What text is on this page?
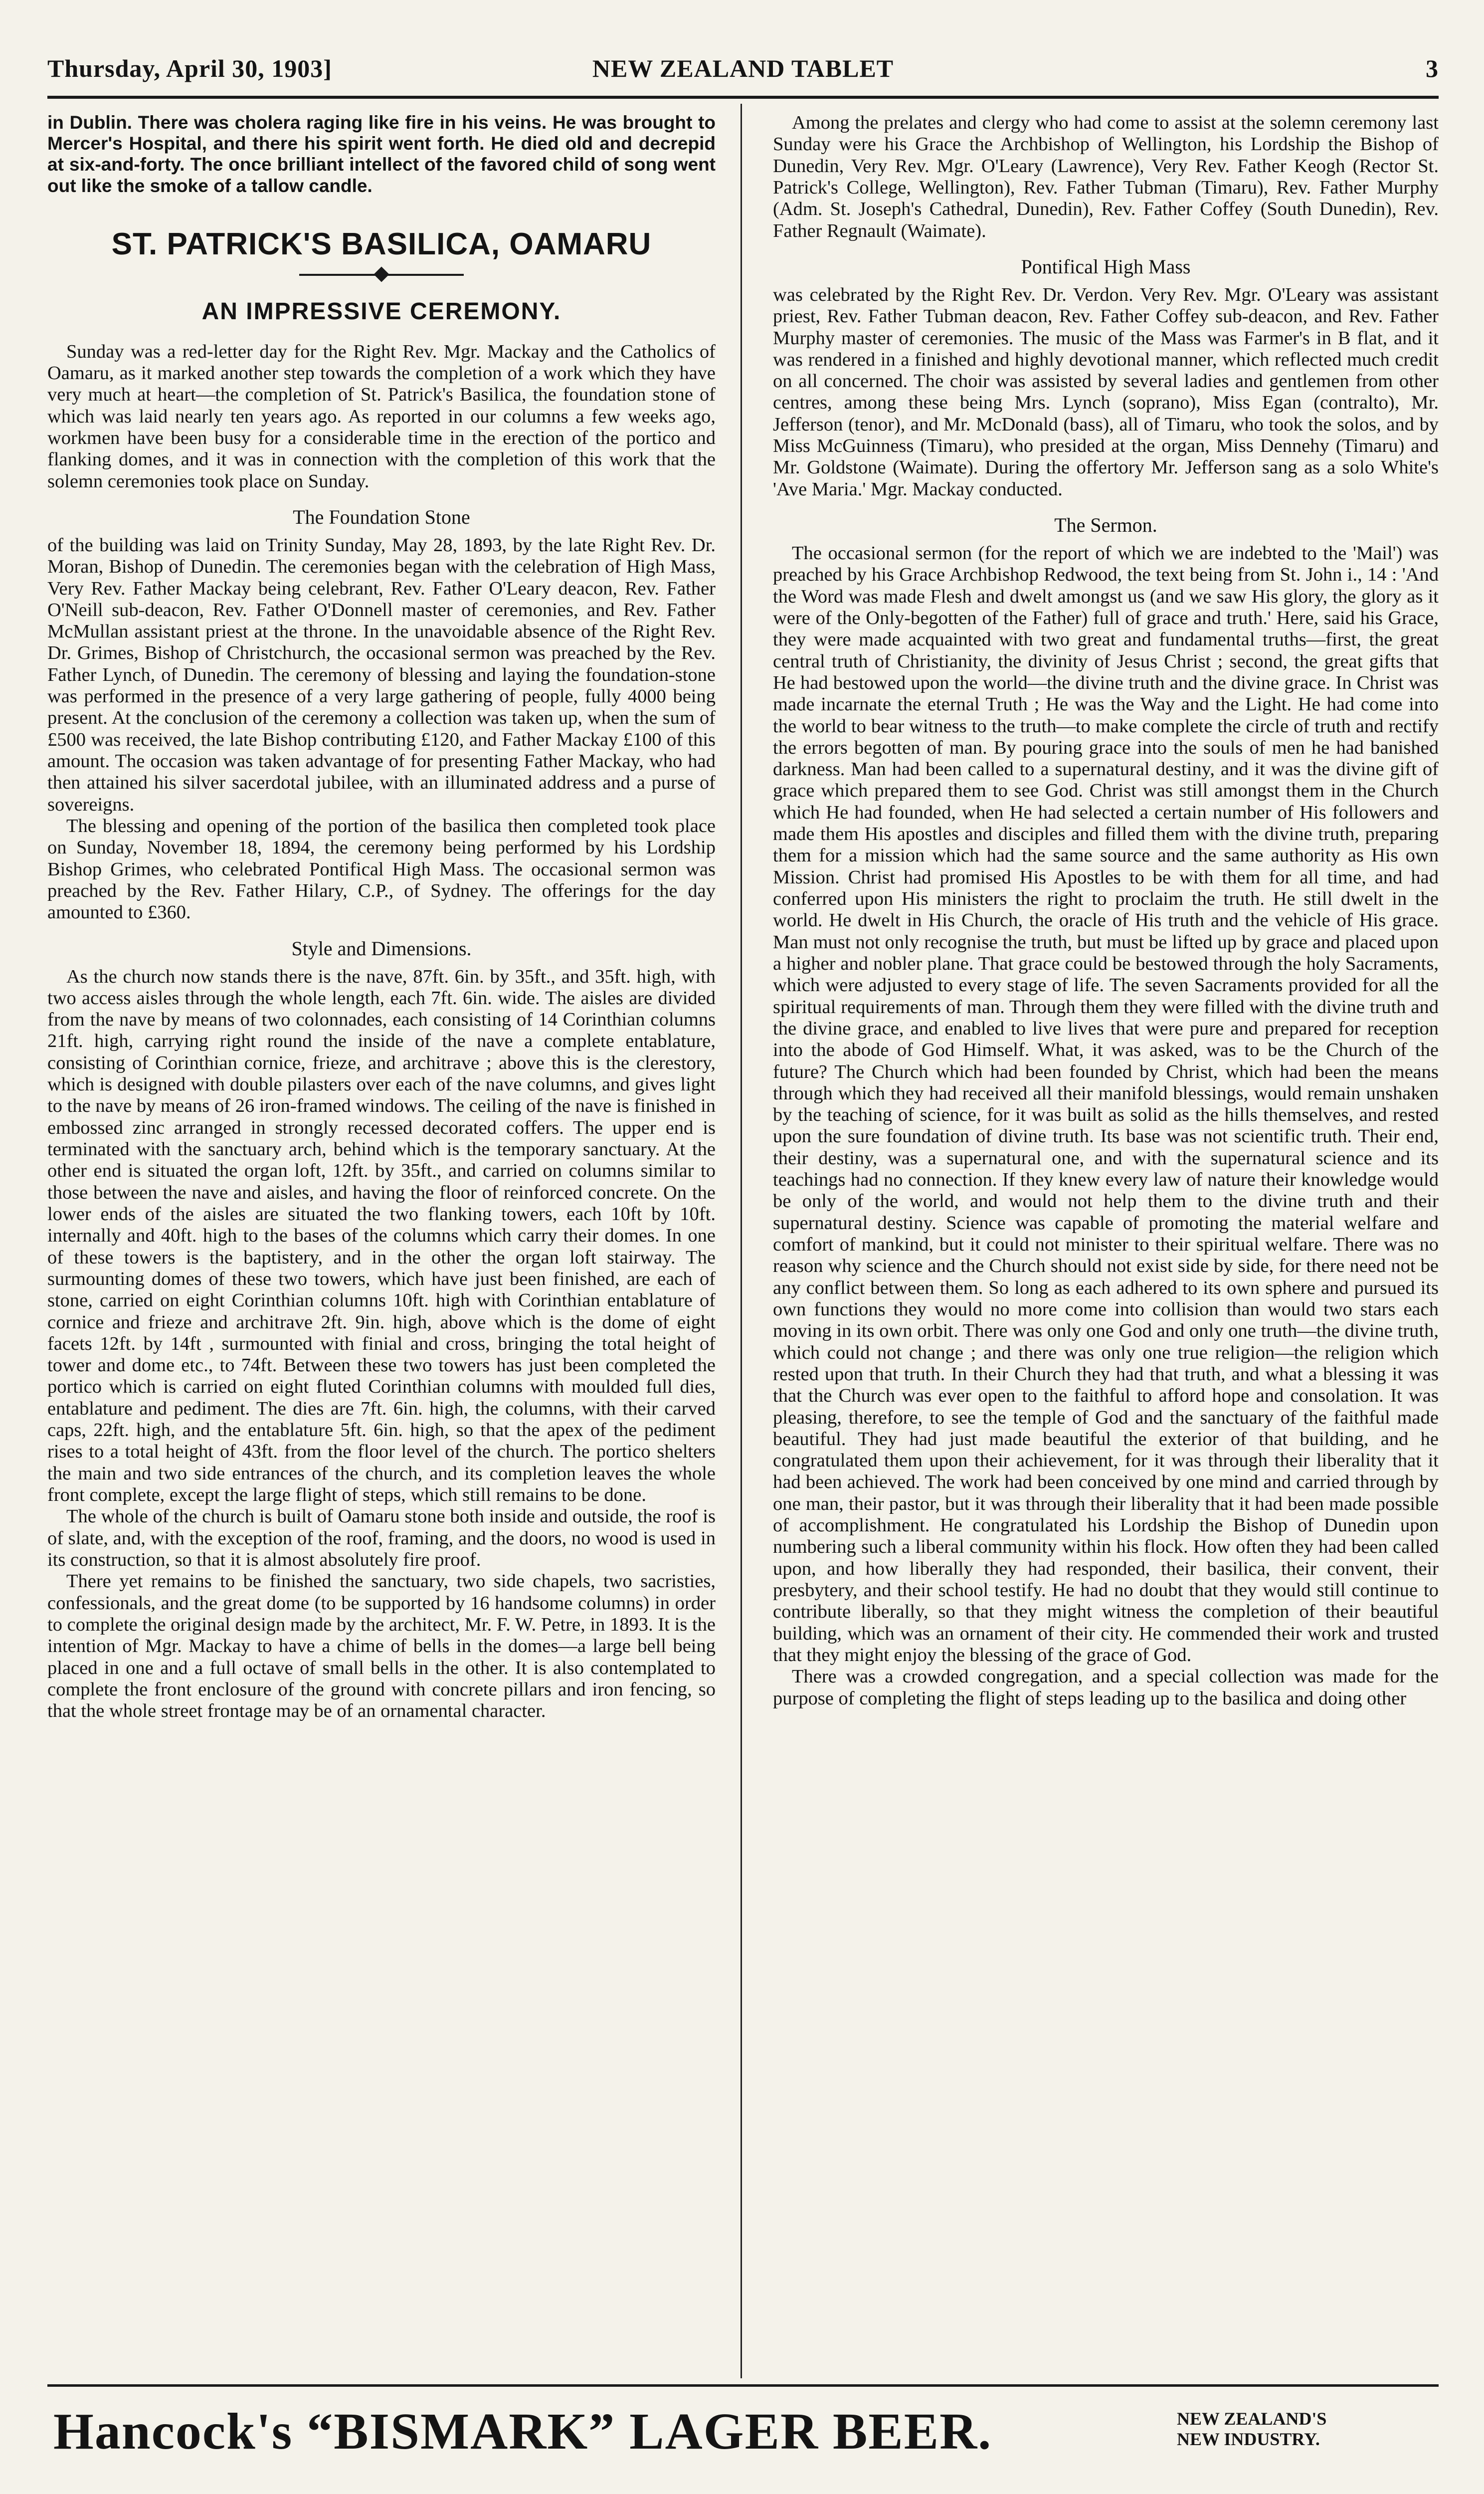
Thursday, April 30, 1903]	NEW ZEALAND TABLET	3

in Dublin. There was cholera raging like fire in his veins. He was brought to Mercer's Hospital, and there his spirit went forth. He died old and decrepid at six-and-forty. The once brilliant intellect of the favored child of song went out like the smoke of a tallow candle.

ST. PATRICK'S BASILICA, OAMARU
AN IMPRESSIVE CEREMONY.

Sunday was a red-letter day for the Right Rev. Mgr. Mackay and the Catholics of Oamaru, as it marked another step towards the completion of a work which they have very much at heart—the completion of St. Patrick's Basilica, the foundation stone of which was laid nearly ten years ago. As reported in our columns a few weeks ago, workmen have been busy for a considerable time in the erection of the portico and flanking domes, and it was in connection with the completion of this work that the solemn ceremonies took place on Sunday.

The Foundation Stone

of the building was laid on Trinity Sunday, May 28, 1893, by the late Right Rev. Dr. Moran, Bishop of Dunedin. The ceremonies began with the celebration of High Mass, Very Rev. Father Mackay being celebrant, Rev. Father O'Leary deacon, Rev. Father O'Neill sub-deacon, Rev. Father O'Donnell master of ceremonies, and Rev. Father McMullan assistant priest at the throne. In the unavoidable absence of the Right Rev. Dr. Grimes, Bishop of Christchurch, the occasional sermon was preached by the Rev. Father Lynch, of Dunedin. The ceremony of blessing and laying the foundation-stone was performed in the presence of a very large gathering of people, fully 4000 being present. At the conclusion of the ceremony a collection was taken up, when the sum of £500 was received, the late Bishop contributing £120, and Father Mackay £100 of this amount. The occasion was taken advantage of for presenting Father Mackay, who had then attained his silver sacerdotal jubilee, with an illuminated address and a purse of sovereigns.

The blessing and opening of the portion of the basilica then completed took place on Sunday, November 18, 1894, the ceremony being performed by his Lordship Bishop Grimes, who celebrated Pontifical High Mass. The occasional sermon was preached by the Rev. Father Hilary, C.P., of Sydney. The offerings for the day amounted to £360.

Style and Dimensions.

As the church now stands there is the nave, 87ft. 6in. by 35ft., and 35ft. high, with two access aisles through the whole length, each 7ft. 6in. wide. The aisles are divided from the nave by means of two colonnades, each consisting of 14 Corinthian columns 21ft. high, carrying right round the inside of the nave a complete entablature, consisting of Corinthian cornice, frieze, and architrave ; above this is the clerestory, which is designed with double pilasters over each of the nave columns, and gives light to the nave by means of 26 iron-framed windows. The ceiling of the nave is finished in embossed zinc arranged in strongly recessed decorated coffers. The upper end is terminated with the sanctuary arch, behind which is the temporary sanctuary. At the other end is situated the organ loft, 12ft. by 35ft., and carried on columns similar to those between the nave and aisles, and having the floor of reinforced concrete. On the lower ends of the aisles are situated the two flanking towers, each 10ft by 10ft. internally and 40ft. high to the bases of the columns which carry their domes. In one of these towers is the baptistery, and in the other the organ loft stairway. The surmounting domes of these two towers, which have just been finished, are each of stone, carried on eight Corinthian columns 10ft. high with Corinthian entablature of cornice and frieze and architrave 2ft. 9in. high, above which is the dome of eight facets 12ft. by 14ft , surmounted with finial and cross, bringing the total height of tower and dome etc., to 74ft. Between these two towers has just been completed the portico which is carried on eight fluted Corinthian columns with moulded full dies, entablature and pediment. The dies are 7ft. 6in. high, the columns, with their carved caps, 22ft. high, and the entablature 5ft. 6in. high, so that the apex of the pediment rises to a total height of 43ft. from the floor level of the church. The portico shelters the main and two side entrances of the church, and its completion leaves the whole front complete, except the large flight of steps, which still remains to be done.

The whole of the church is built of Oamaru stone both inside and outside, the roof is of slate, and, with the exception of the roof, framing, and the doors, no wood is used in its construction, so that it is almost absolutely fire proof.

There yet remains to be finished the sanctuary, two side chapels, two sacristies, confessionals, and the great dome (to be supported by 16 handsome columns) in order to complete the original design made by the architect, Mr. F. W. Petre, in 1893. It is the intention of Mgr. Mackay to have a chime of bells in the domes—a large bell being placed in one and a full octave of small bells in the other. It is also contemplated to complete the front enclosure of the ground with concrete pillars and iron fencing, so that the whole street frontage may be of an ornamental character.

Among the prelates and clergy who had come to assist at the solemn ceremony last Sunday were his Grace the Archbishop of Wellington, his Lordship the Bishop of Dunedin, Very Rev. Mgr. O'Leary (Lawrence), Very Rev. Father Keogh (Rector St. Patrick's College, Wellington), Rev. Father Tubman (Timaru), Rev. Father Murphy (Adm. St. Joseph's Cathedral, Dunedin), Rev. Father Coffey (South Dunedin), Rev. Father Regnault (Waimate).

Pontifical High Mass

was celebrated by the Right Rev. Dr. Verdon. Very Rev. Mgr. O'Leary was assistant priest, Rev. Father Tubman deacon, Rev. Father Coffey sub-deacon, and Rev. Father Murphy master of ceremonies. The music of the Mass was Farmer's in B flat, and it was rendered in a finished and highly devotional manner, which reflected much credit on all concerned. The choir was assisted by several ladies and gentlemen from other centres, among these being Mrs. Lynch (soprano), Miss Egan (contralto), Mr. Jefferson (tenor), and Mr. McDonald (bass), all of Timaru, who took the solos, and by Miss McGuinness (Timaru), who presided at the organ, Miss Dennehy (Timaru) and Mr. Goldstone (Waimate). During the offertory Mr. Jefferson sang as a solo White's 'Ave Maria.' Mgr. Mackay conducted.

The Sermon.

The occasional sermon (for the report of which we are indebted to the 'Mail') was preached by his Grace Archbishop Redwood, the text being from St. John i., 14 : 'And the Word was made Flesh and dwelt amongst us (and we saw His glory, the glory as it were of the Only-begotten of the Father) full of grace and truth.' Here, said his Grace, they were made acquainted with two great and fundamental truths—first, the great central truth of Christianity, the divinity of Jesus Christ ; second, the great gifts that He had bestowed upon the world—the divine truth and the divine grace. In Christ was made incarnate the eternal Truth ; He was the Way and the Light. He had come into the world to bear witness to the truth—to make complete the circle of truth and rectify the errors begotten of man. By pouring grace into the souls of men he had banished darkness. Man had been called to a supernatural destiny, and it was the divine gift of grace which prepared them to see God. Christ was still amongst them in the Church which He had founded, when He had selected a certain number of His followers and made them His apostles and disciples and filled them with the divine truth, preparing them for a mission which had the same source and the same authority as His own Mission. Christ had promised His Apostles to be with them for all time, and had conferred upon His ministers the right to proclaim the truth. He still dwelt in the world. He dwelt in His Church, the oracle of His truth and the vehicle of His grace. Man must not only recognise the truth, but must be lifted up by grace and placed upon a higher and nobler plane. That grace could be bestowed through the holy Sacraments, which were adjusted to every stage of life. The seven Sacraments provided for all the spiritual requirements of man. Through them they were filled with the divine truth and the divine grace, and enabled to live lives that were pure and prepared for reception into the abode of God Himself. What, it was asked, was to be the Church of the future? The Church which had been founded by Christ, which had been the means through which they had received all their manifold blessings, would remain unshaken by the teaching of science, for it was built as solid as the hills themselves, and rested upon the sure foundation of divine truth. Its base was not scientific truth. Their end, their destiny, was a supernatural one, and with the supernatural science and its teachings had no connection. If they knew every law of nature their knowledge would be only of the world, and would not help them to the divine truth and their supernatural destiny. Science was capable of promoting the material welfare and comfort of mankind, but it could not minister to their spiritual welfare. There was no reason why science and the Church should not exist side by side, for there need not be any conflict between them. So long as each adhered to its own sphere and pursued its own functions they would no more come into collision than would two stars each moving in its own orbit. There was only one God and only one truth—the divine truth, which could not change ; and there was only one true religion—the religion which rested upon that truth. In their Church they had that truth, and what a blessing it was that the Church was ever open to the faithful to afford hope and consolation. It was pleasing, therefore, to see the temple of God and the sanctuary of the faithful made beautiful. They had just made beautiful the exterior of that building, and he congratulated them upon their achievement, for it was through their liberality that it had been achieved. The work had been conceived by one mind and carried through by one man, their pastor, but it was through their liberality that it had been made possible of accomplishment. He congratulated his Lordship the Bishop of Dunedin upon numbering such a liberal community within his flock. How often they had been called upon, and how liberally they had responded, their basilica, their convent, their presbytery, and their school testify. He had no doubt that they would still continue to contribute liberally, so that they might witness the completion of their beautiful building, which was an ornament of their city. He commended their work and trusted that they might enjoy the blessing of the grace of God.

There was a crowded congregation, and a special collection was made for the purpose of completing the flight of steps leading up to the basilica and doing other

Hancock's “BISMARK” LAGER BEER.	NEW ZEALAND'S
NEW INDUSTRY.
